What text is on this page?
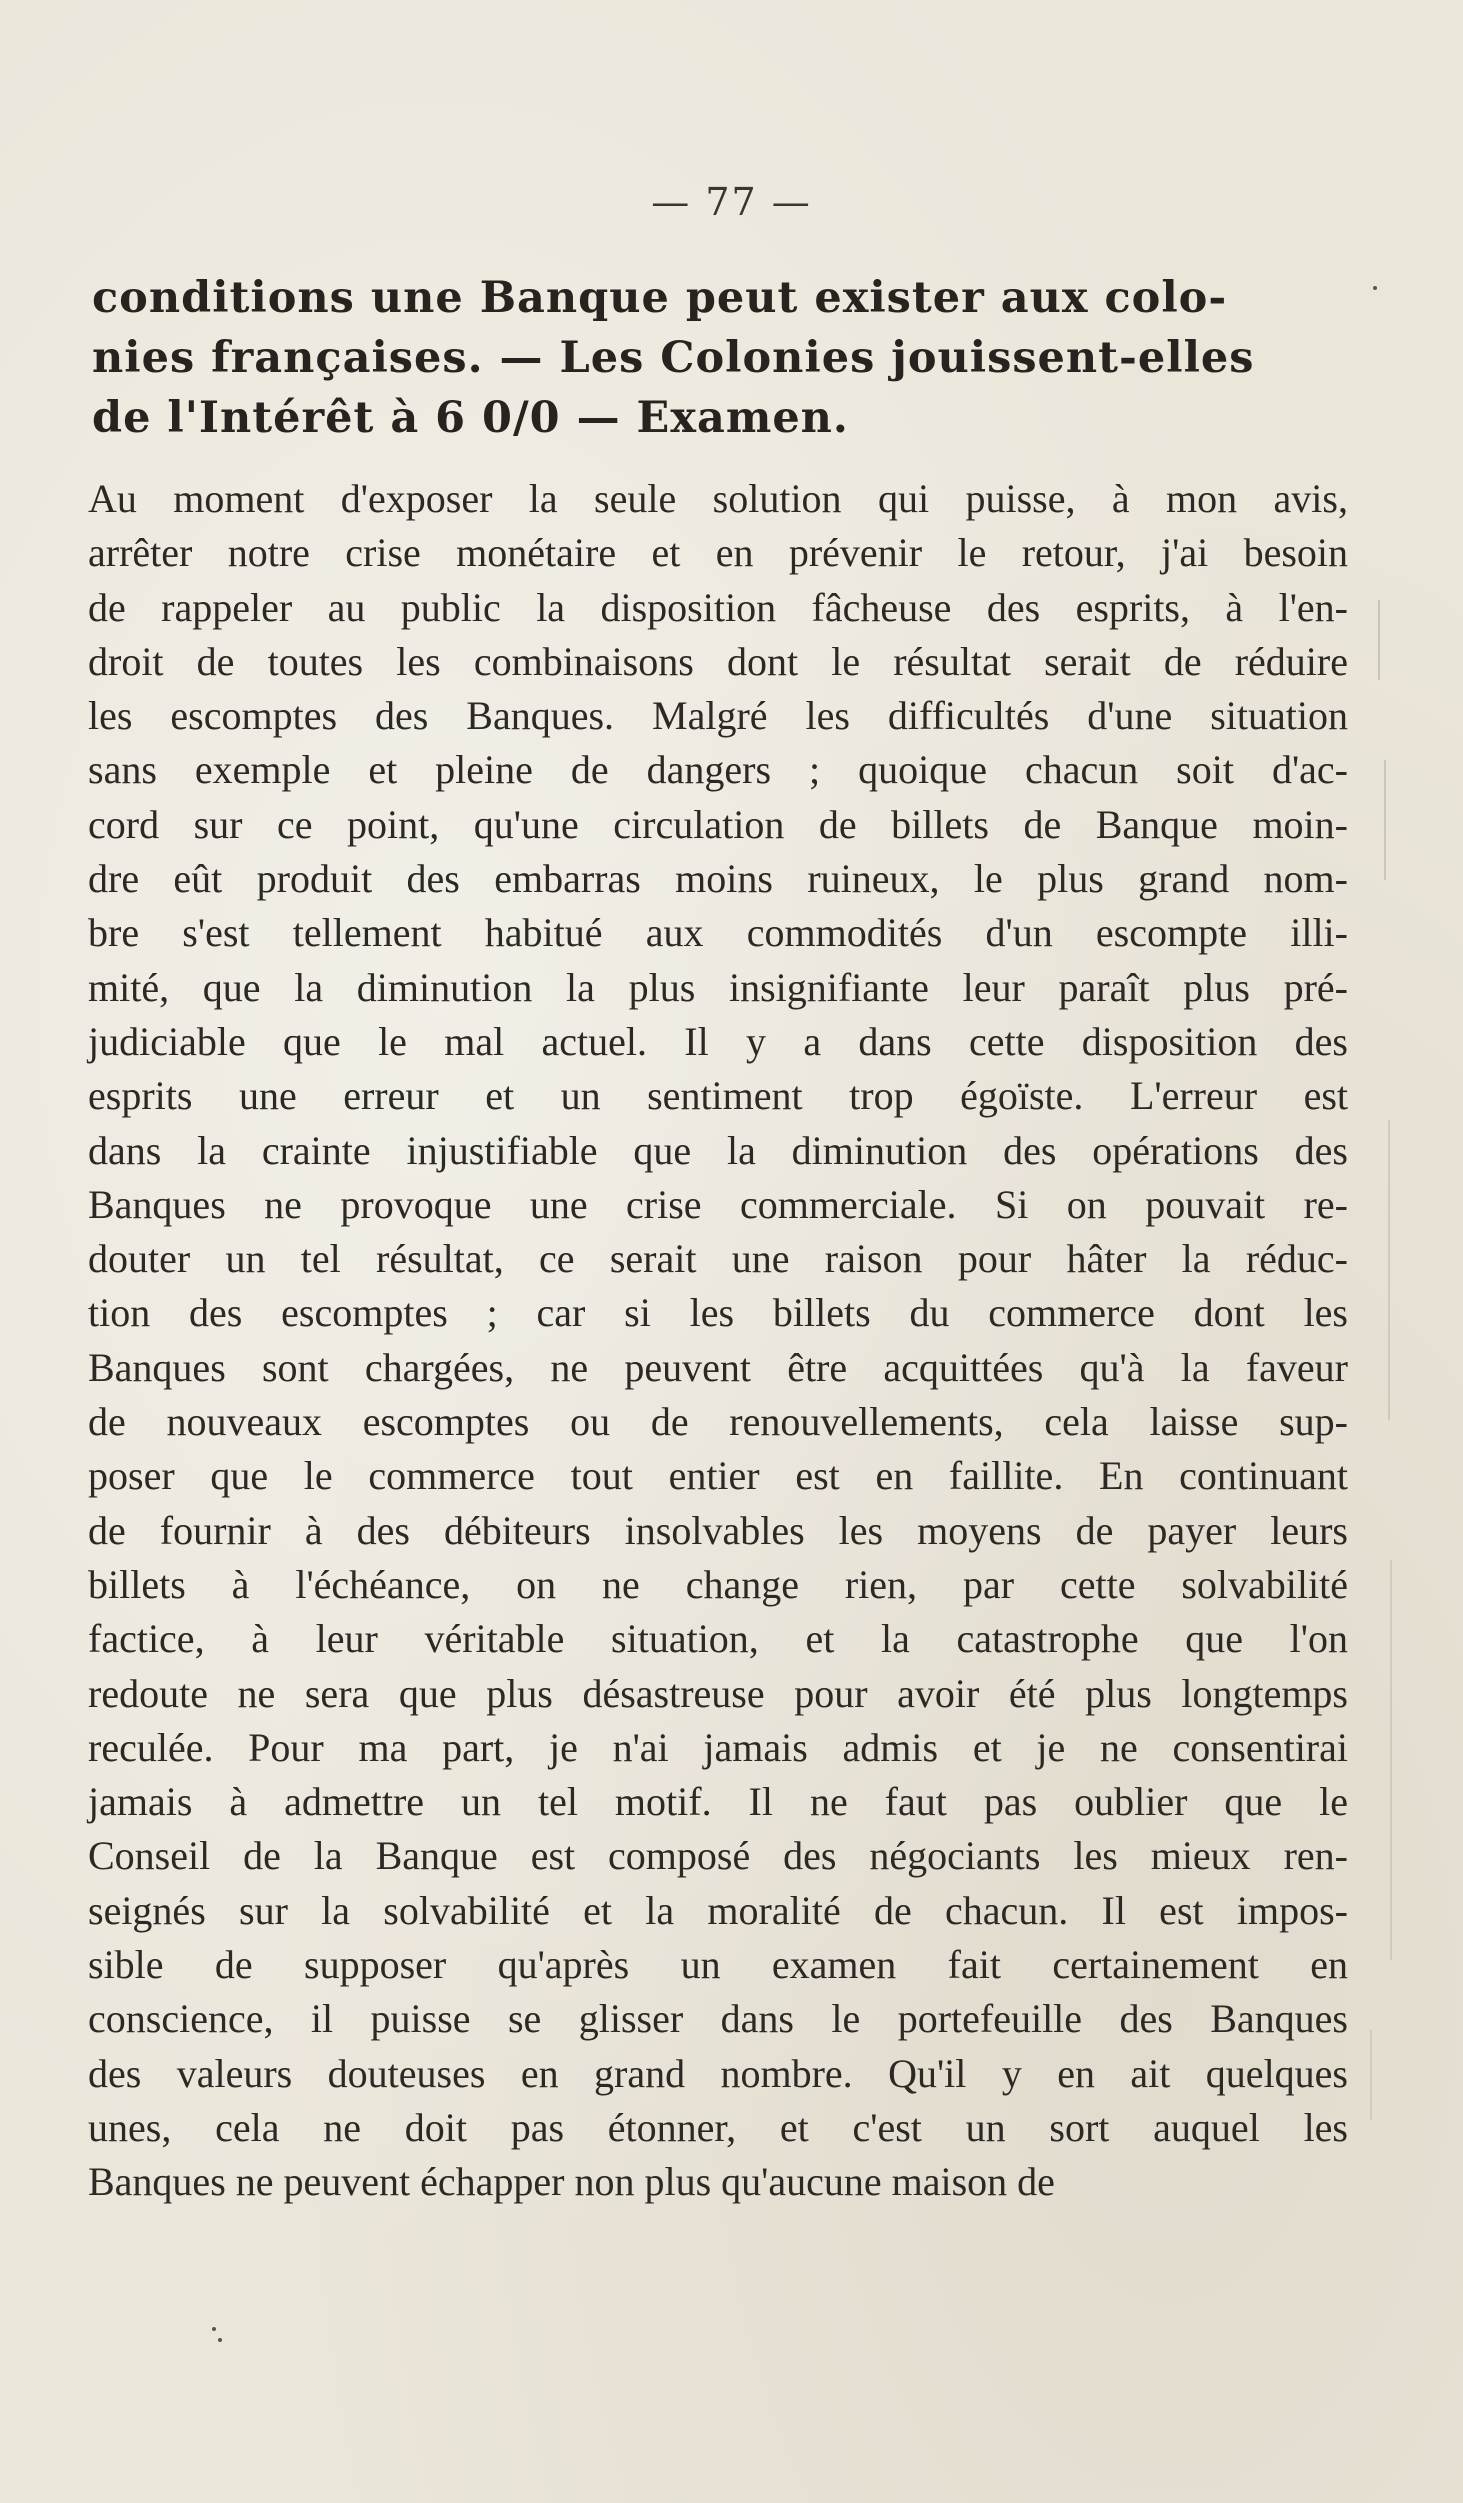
— 77 —
conditions une Banque peut exister aux colo-
nies françaises. — Les Colonies jouissent-elles
de l'Intérêt à 6 0/0 — Examen.
Au moment d'exposer la seule solution qui puisse, à mon avis,
arrêter notre crise monétaire et en prévenir le retour, j'ai besoin
de rappeler au public la disposition fâcheuse des esprits, à l'en-
droit de toutes les combinaisons dont le résultat serait de réduire
les escomptes des Banques. Malgré les difficultés d'une situation
sans exemple et pleine de dangers ; quoique chacun soit d'ac-
cord sur ce point, qu'une circulation de billets de Banque moin-
dre eût produit des embarras moins ruineux, le plus grand nom-
bre s'est tellement habitué aux commodités d'un escompte illi-
mité, que la diminution la plus insignifiante leur paraît plus pré-
judiciable que le mal actuel. Il y a dans cette disposition des
esprits une erreur et un sentiment trop égoïste. L'erreur est
dans la crainte injustifiable que la diminution des opérations des
Banques ne provoque une crise commerciale. Si on pouvait re-
douter un tel résultat, ce serait une raison pour hâter la réduc-
tion des escomptes ; car si les billets du commerce dont les
Banques sont chargées, ne peuvent être acquittées qu'à la faveur
de nouveaux escomptes ou de renouvellements, cela laisse sup-
poser que le commerce tout entier est en faillite. En continuant
de fournir à des débiteurs insolvables les moyens de payer leurs
billets à l'échéance, on ne change rien, par cette solvabilité
factice, à leur véritable situation, et la catastrophe que l'on
redoute ne sera que plus désastreuse pour avoir été plus longtemps
reculée. Pour ma part, je n'ai jamais admis et je ne consentirai
jamais à admettre un tel motif. Il ne faut pas oublier que le
Conseil de la Banque est composé des négociants les mieux ren-
seignés sur la solvabilité et la moralité de chacun. Il est impos-
sible de supposer qu'après un examen fait certainement en
conscience, il puisse se glisser dans le portefeuille des Banques
des valeurs douteuses en grand nombre. Qu'il y en ait quelques
unes, cela ne doit pas étonner, et c'est un sort auquel les
Banques ne peuvent échapper non plus qu'aucune maison de
